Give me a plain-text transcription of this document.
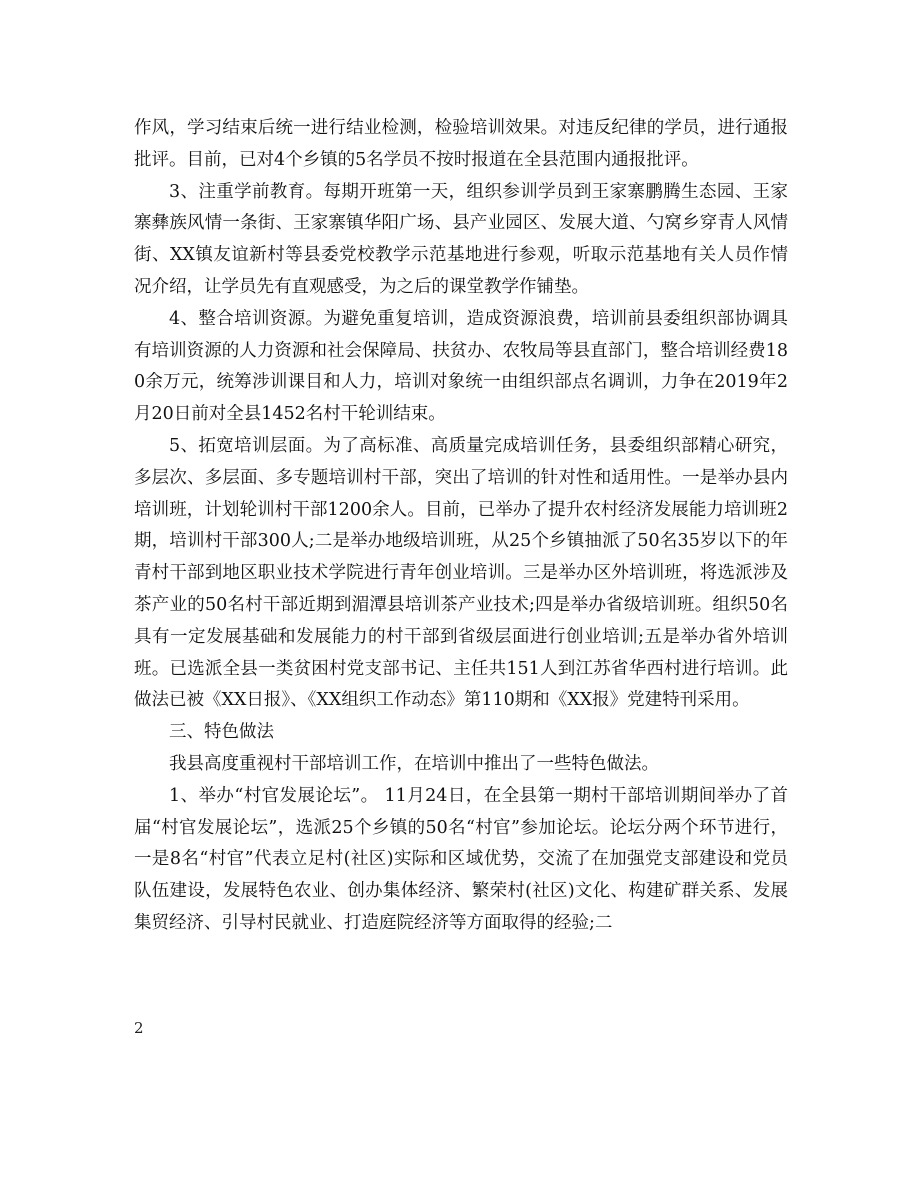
作风，学习结束后统一进行结业检测，检验培训效果。对违反纪律的学员，进行通报批评。目前，已对4个乡镇的5名学员不按时报道在全县范围内通报批评。

3、注重学前教育。每期开班第一天，组织参训学员到王家寨鹏腾生态园、王家寨彝族风情一条街、王家寨镇华阳广场、县产业园区、发展大道、勺窝乡穿青人风情街、XX镇友谊新村等县委党校教学示范基地进行参观，听取示范基地有关人员作情况介绍，让学员先有直观感受，为之后的课堂教学作铺垫。

4、整合培训资源。为避免重复培训，造成资源浪费，培训前县委组织部协调具有培训资源的人力资源和社会保障局、扶贫办、农牧局等县直部门，整合培训经费180余万元，统筹涉训课目和人力，培训对象统一由组织部点名调训，力争在2019年2月20日前对全县1452名村干轮训结束。

5、拓宽培训层面。为了高标准、高质量完成培训任务，县委组织部精心研究，多层次、多层面、多专题培训村干部，突出了培训的针对性和适用性。一是举办县内培训班，计划轮训村干部1200余人。目前，已举办了提升农村经济发展能力培训班2期，培训村干部300人;二是举办地级培训班，从25个乡镇抽派了50名35岁以下的年青村干部到地区职业技术学院进行青年创业培训。三是举办区外培训班，将选派涉及茶产业的50名村干部近期到湄潭县培训茶产业技术;四是举办省级培训班。组织50名具有一定发展基础和发展能力的村干部到省级层面进行创业培训;五是举办省外培训班。已选派全县一类贫困村党支部书记、主任共151人到江苏省华西村进行培训。此做法已被《XX日报》、《XX组织工作动态》第110期和《XX报》党建特刊采用。

三、特色做法

我县高度重视村干部培训工作，在培训中推出了一些特色做法。

1、举办“村官发展论坛”。 11月24日，在全县第一期村干部培训期间举办了首届“村官发展论坛”，选派25个乡镇的50名“村官”参加论坛。论坛分两个环节进行，一是8名“村官”代表立足村(社区)实际和区域优势，交流了在加强党支部建设和党员队伍建设，发展特色农业、创办集体经济、繁荣村(社区)文化、构建矿群关系、发展集贸经济、引导村民就业、打造庭院经济等方面取得的经验;二

2
